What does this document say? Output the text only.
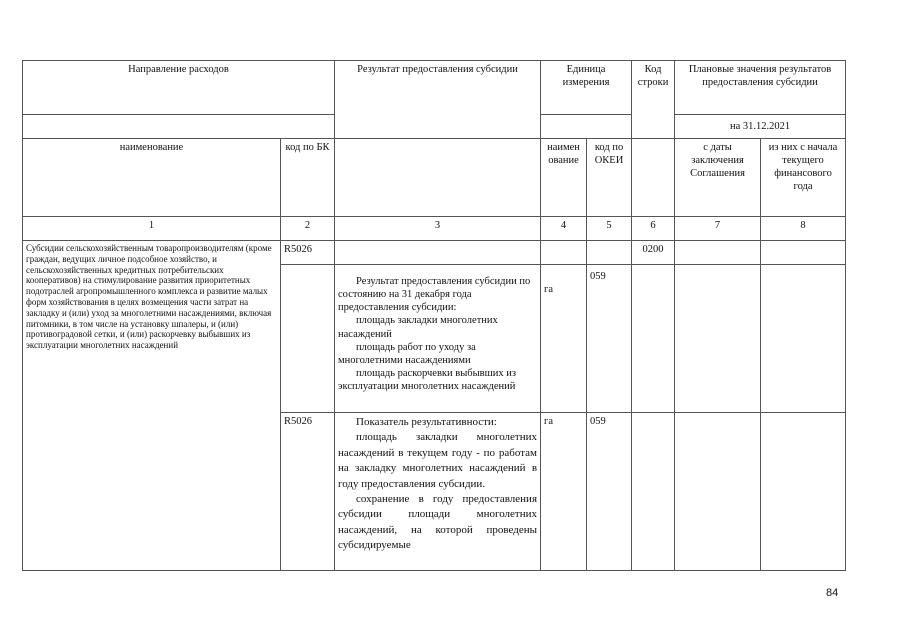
Направление расходов		Результат предоставления субсидии	Единица измерения		Код строки	Плановые значения результатов предоставления субсидии	
						на 31.12.2021	

наименование	код по БК		наимен ование	код по ОКЕИ		с даты заключения Соглашения	из них с начала текущего финансового года
1	2	3	4	5	6	7	8
Субсидии сельскохозяйственным товаропроизводителям (кроме граждан, ведущих личное подсобное хозяйство, и сельскохозяйственных кредитных потребительских кооперативов) на стимулирование развития приоритетных подотраслей агропромышленного комплекса и развитие малых форм хозяйствования в целях возмещения части затрат на закладку и (или) уход за многолетними насаждениями, включая питомники, в том числе на установку шпалеры, и (или) противоградовой сетки, и (или) раскорчевку выбывших из эксплуатации многолетних насаждений	R5026				0200		

		Результат предоставления субсидии по состоянию на 31 декабря года предоставления субсидии:

площадь закладки многолетних насаждений

площадь работ по уходу за многолетними насаждениями

площадь раскорчевки выбывших из эксплуатации многолетних насаждений	га	059			
	R5026	Показатель результативности:

площадь закладки многолетних насаждений в текущем году - по работам на закладку многолетних насаждений в году предоставления субсидии.

сохранение в году предоставления субсидии площади многолетних насаждений, на которой проведены субсидируемые	га	059			
84
